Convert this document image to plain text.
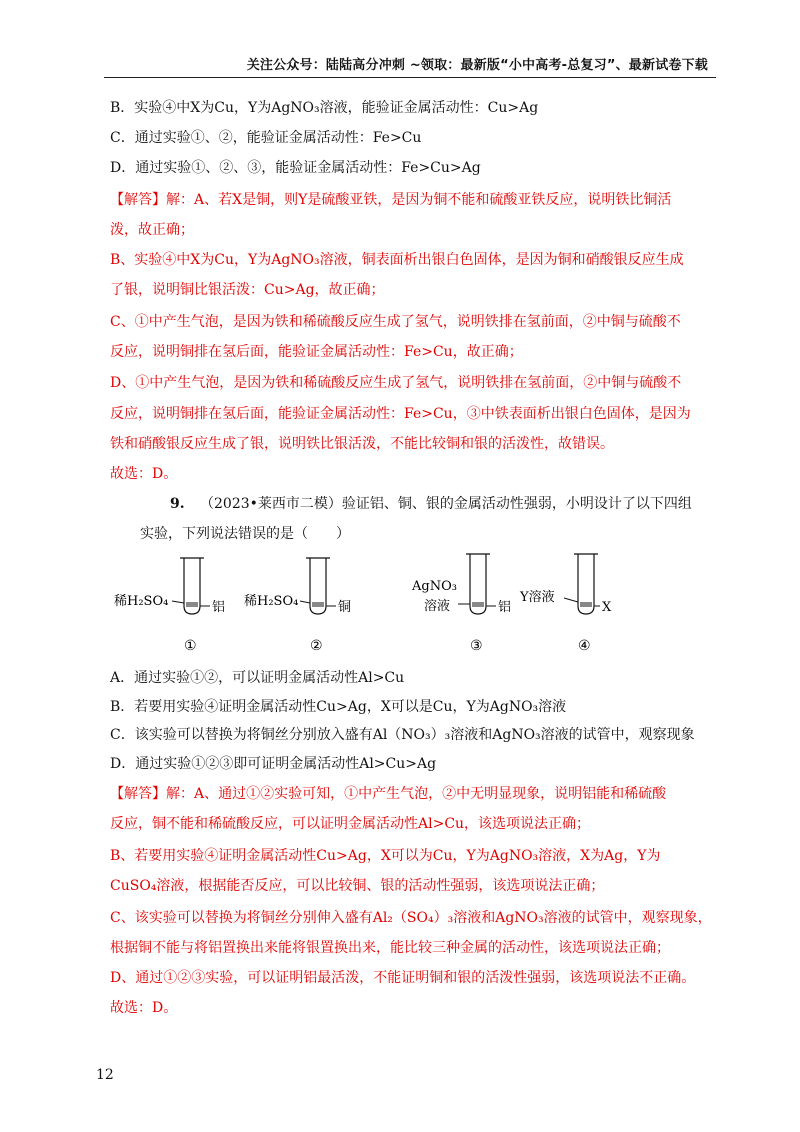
关注公众号：陆陆高分冲刺 ~领取：最新版“小中高考-总复习”、最新试卷下载
B．实验④中X为Cu，Y为AgNO₃溶液，能验证金属活动性：Cu>Ag
C．通过实验①、②，能验证金属活动性：Fe>Cu
D．通过实验①、②、③，能验证金属活动性：Fe>Cu>Ag
【解答】解：A、若X是铜，则Y是硫酸亚铁，是因为铜不能和硫酸亚铁反应，说明铁比铜活
泼，故正确；
B、实验④中X为Cu，Y为AgNO₃溶液，铜表面析出银白色固体，是因为铜和硝酸银反应生成
了银，说明铜比银活泼：Cu>Ag，故正确；
C、①中产生气泡，是因为铁和稀硫酸反应生成了氢气，说明铁排在氢前面，②中铜与硫酸不
反应，说明铜排在氢后面，能验证金属活动性：Fe>Cu，故正确；
D、①中产生气泡，是因为铁和稀硫酸反应生成了氢气，说明铁排在氢前面，②中铜与硫酸不
反应，说明铜排在氢后面，能验证金属活动性：Fe>Cu，③中铁表面析出银白色固体，是因为
铁和硝酸银反应生成了银，说明铁比银活泼，不能比较铜和银的活泼性，故错误。
故选：D。
9. （2023•莱西市二模）验证铝、铜、银的金属活动性强弱，小明设计了以下四组
实验，下列说法错误的是（　　）
稀H₂SO₄	铝
①
稀H₂SO₄	铜
②
AgNO₃
溶液	铝
③
Y溶液
X
④
A．通过实验①②，可以证明金属活动性Al>Cu
B．若要用实验④证明金属活动性Cu>Ag，X可以是Cu，Y为AgNO₃溶液
C．该实验可以替换为将铜丝分别放入盛有Al（NO₃）₃溶液和AgNO₃溶液的试管中，观察现象
D．通过实验①②③即可证明金属活动性Al>Cu>Ag
【解答】解：A、通过①②实验可知，①中产生气泡，②中无明显现象，说明铝能和稀硫酸
反应，铜不能和稀硫酸反应，可以证明金属活动性Al>Cu，该选项说法正确；
B、若要用实验④证明金属活动性Cu>Ag，X可以为Cu，Y为AgNO₃溶液，X为Ag，Y为
CuSO₄溶液，根据能否反应，可以比较铜、银的活动性强弱，该选项说法正确；
C、该实验可以替换为将铜丝分别伸入盛有Al₂（SO₄）₃溶液和AgNO₃溶液的试管中，观察现象，
根据铜不能与将铝置换出来能将银置换出来，能比较三种金属的活动性，该选项说法正确；
D、通过①②③实验，可以证明铝最活泼，不能证明铜和银的活泼性强弱，该选项说法不正确。
故选：D。
12
